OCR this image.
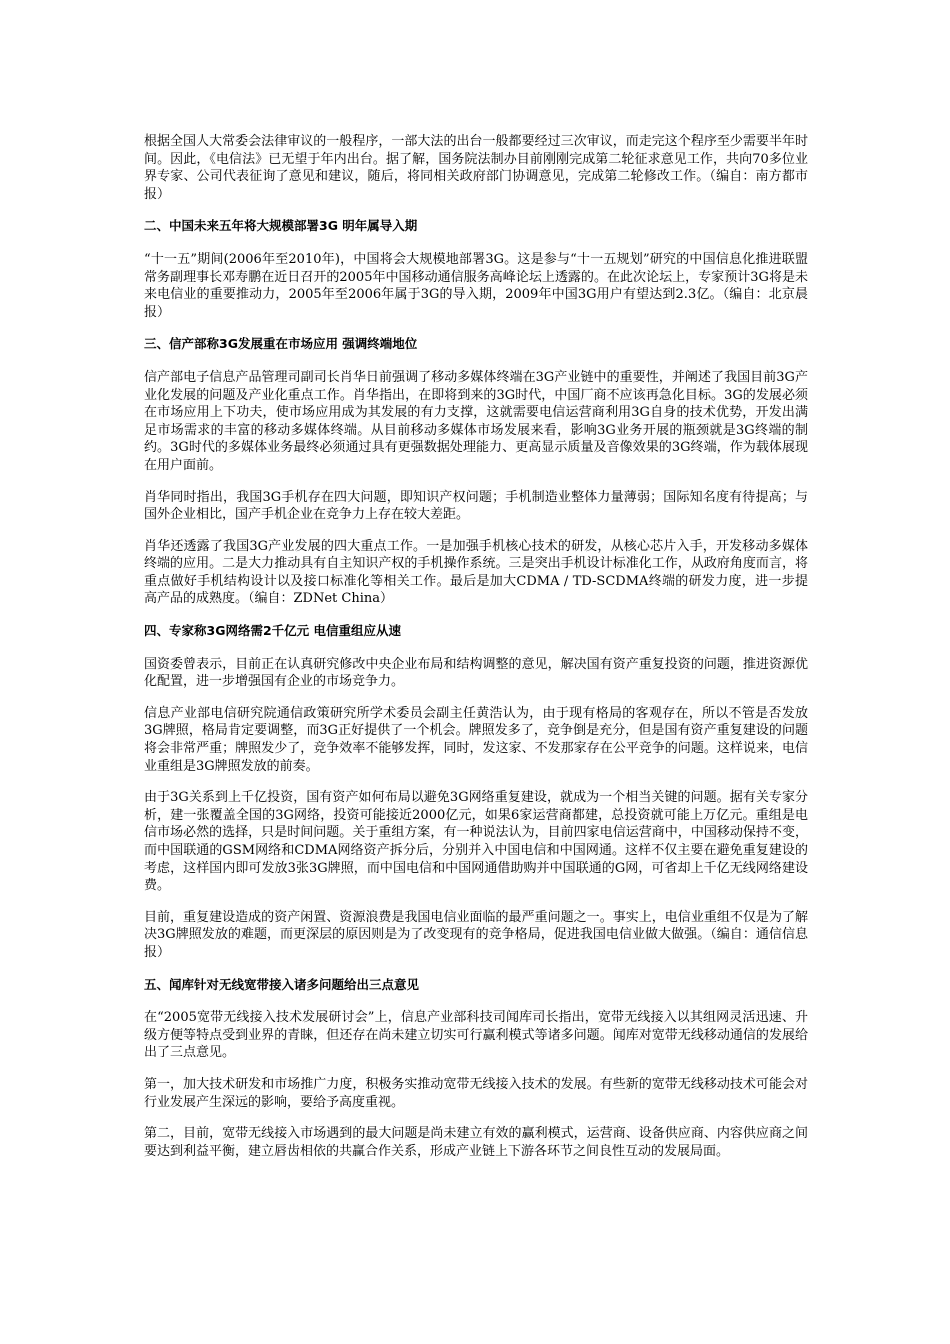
根据全国人大常委会法律审议的一般程序，一部大法的出台一般都要经过三次审议，而走完这个程序至少需要半年时间。因此，《电信法》已无望于年内出台。据了解，国务院法制办目前刚刚完成第二轮征求意见工作，共向70多位业界专家、公司代表征询了意见和建议，随后，将同相关政府部门协调意见，完成第二轮修改工作。（编自：南方都市报）

二、中国未来五年将大规模部署3G 明年属导入期

“十一五”期间(2006年至2010年)，中国将会大规模地部署3G。这是参与“十一五规划”研究的中国信息化推进联盟常务副理事长邓寿鹏在近日召开的2005年中国移动通信服务高峰论坛上透露的。在此次论坛上，专家预计3G将是未来电信业的重要推动力，2005年至2006年属于3G的导入期，2009年中国3G用户有望达到2.3亿。（编自：北京晨报）

三、信产部称3G发展重在市场应用 强调终端地位

信产部电子信息产品管理司副司长肖华日前强调了移动多媒体终端在3G产业链中的重要性，并阐述了我国目前3G产业化发展的问题及产业化重点工作。肖华指出，在即将到来的3G时代，中国厂商不应该再急化目标。3G的发展必须在市场应用上下功夫，使市场应用成为其发展的有力支撑，这就需要电信运营商利用3G自身的技术优势，开发出满足市场需求的丰富的移动多媒体终端。从目前移动多媒体市场发展来看，影响3G业务开展的瓶颈就是3G终端的制约。3G时代的多媒体业务最终必须通过具有更强数据处理能力、更高显示质量及音像效果的3G终端，作为载体展现在用户面前。

肖华同时指出，我国3G手机存在四大问题，即知识产权问题；手机制造业整体力量薄弱；国际知名度有待提高；与国外企业相比，国产手机企业在竞争力上存在较大差距。

肖华还透露了我国3G产业发展的四大重点工作。一是加强手机核心技术的研发，从核心芯片入手，开发移动多媒体终端的应用。二是大力推动具有自主知识产权的手机操作系统。三是突出手机设计标准化工作，从政府角度而言，将重点做好手机结构设计以及接口标准化等相关工作。最后是加大CDMA / TD-SCDMA终端的研发力度，进一步提高产品的成熟度。（编自：ZDNet China）

四、专家称3G网络需2千亿元 电信重组应从速

国资委曾表示，目前正在认真研究修改中央企业布局和结构调整的意见，解决国有资产重复投资的问题，推进资源优化配置，进一步增强国有企业的市场竞争力。

信息产业部电信研究院通信政策研究所学术委员会副主任黄浩认为，由于现有格局的客观存在，所以不管是否发放3G牌照，格局肯定要调整，而3G正好提供了一个机会。牌照发多了，竞争倒是充分，但是国有资产重复建设的问题将会非常严重；牌照发少了，竞争效率不能够发挥，同时，发这家、不发那家存在公平竞争的问题。这样说来，电信业重组是3G牌照发放的前奏。

由于3G关系到上千亿投资，国有资产如何布局以避免3G网络重复建设，就成为一个相当关键的问题。据有关专家分析，建一张覆盖全国的3G网络，投资可能接近2000亿元，如果6家运营商都建，总投资就可能上万亿元。重组是电信市场必然的选择，只是时间问题。关于重组方案，有一种说法认为，目前四家电信运营商中，中国移动保持不变，而中国联通的GSM网络和CDMA网络资产拆分后，分别并入中国电信和中国网通。这样不仅主要在避免重复建设的考虑，这样国内即可发放3张3G牌照，而中国电信和中国网通借助购并中国联通的G网，可省却上千亿无线网络建设费。

目前，重复建设造成的资产闲置、资源浪费是我国电信业面临的最严重问题之一。事实上，电信业重组不仅是为了解决3G牌照发放的难题，而更深层的原因则是为了改变现有的竞争格局，促进我国电信业做大做强。（编自：通信信息报）

五、闻库针对无线宽带接入诸多问题给出三点意见

在“2005宽带无线接入技术发展研讨会”上，信息产业部科技司闻库司长指出，宽带无线接入以其组网灵活迅速、升级方便等特点受到业界的青睐，但还存在尚未建立切实可行赢利模式等诸多问题。闻库对宽带无线移动通信的发展给出了三点意见。

第一，加大技术研发和市场推广力度，积极务实推动宽带无线接入技术的发展。有些新的宽带无线移动技术可能会对行业发展产生深远的影响，要给予高度重视。

第二，目前，宽带无线接入市场遇到的最大问题是尚未建立有效的赢利模式，运营商、设备供应商、内容供应商之间要达到利益平衡，建立唇齿相依的共赢合作关系，形成产业链上下游各环节之间良性互动的发展局面。
